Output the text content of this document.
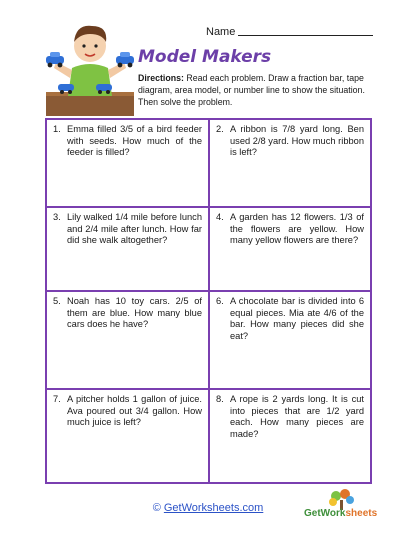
Name
Model Makers
Directions: Read each problem. Draw a fraction bar, tape diagram, area model, or number line to show the situation. Then solve the problem.
1. Emma filled 3/5 of a bird feeder with seeds. How much of the feeder is filled?
2. A ribbon is 7/8 yard long. Ben used 2/8 yard. How much ribbon is left?
3. Lily walked 1/4 mile before lunch and 2/4 mile after lunch. How far did she walk altogether?
4. A garden has 12 flowers. 1/3 of the flowers are yellow. How many yellow flowers are there?
5. Noah has 10 toy cars. 2/5 of them are blue. How many blue cars does he have?
6. A chocolate bar is divided into 6 equal pieces. Mia ate 4/6 of the bar. How many pieces did she eat?
7. A pitcher holds 1 gallon of juice. Ava poured out 3/4 gallon. How much juice is left?
8. A rope is 2 yards long. It is cut into pieces that are 1/2 yard each. How many pieces are made?
© GetWorksheets.com	GetWorksheets
